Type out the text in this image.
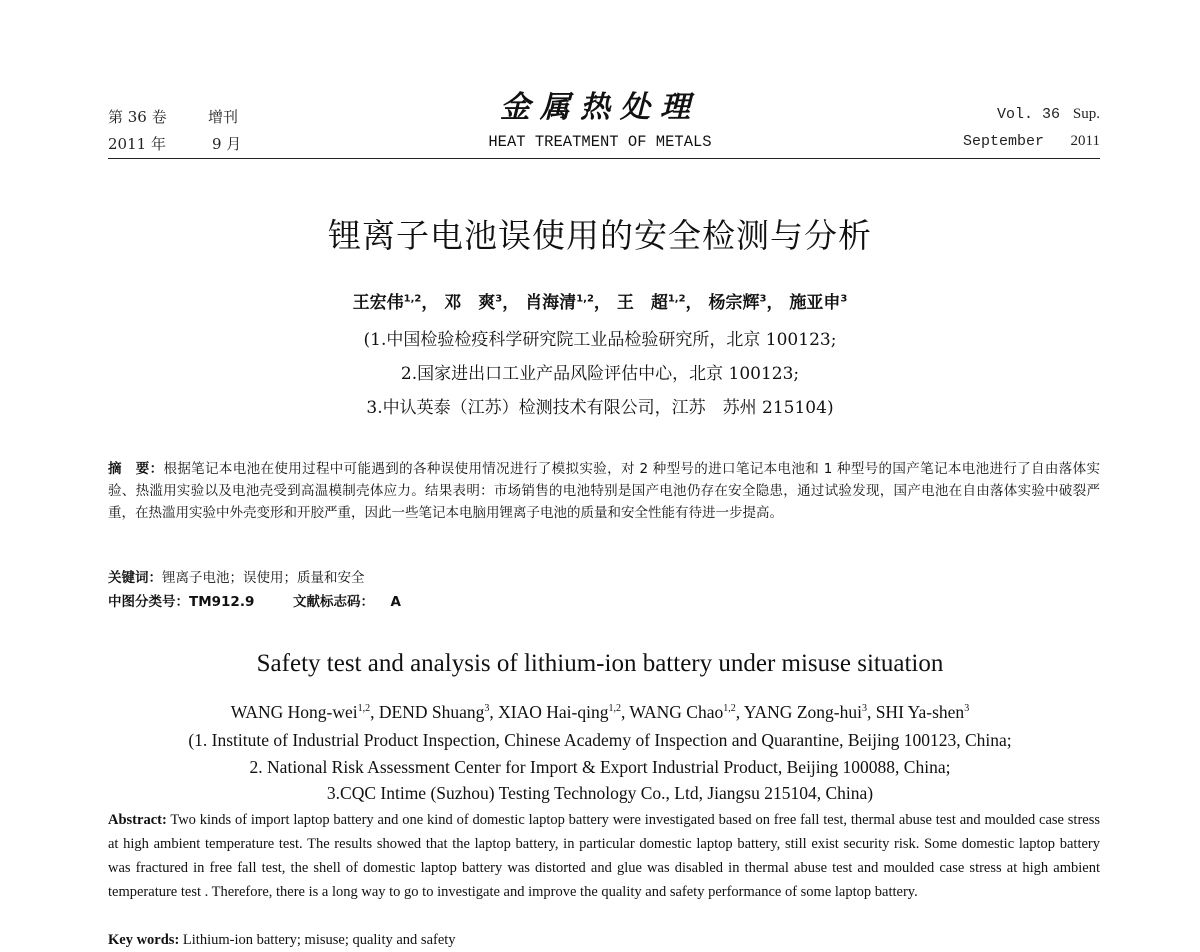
第 36 卷	增刊
2011 年	9 月
金属热处理
HEAT TREATMENT OF METALS
Vol. 36 Sup.
September 2011
锂离子电池误使用的安全检测与分析
王宏伟$^{1,2}$， 邓　爽$^3$， 肖海清$^{1,2}$， 王　超$^{1,2}$， 杨宗辉$^3$， 施亚申$^3$
(1.中国检验检疫科学研究院工业品检验研究所，北京 100123;
2.国家进出口工业产品风险评估中心，北京 100123;
3.中认英泰（江苏）检测技术有限公司，江苏　苏州 215104)
摘　要：根据笔记本电池在使用过程中可能遇到的各种误使用情况进行了模拟实验，对 2 种型号的进口笔记本电池和 1 种型号的国产笔记本电池进行了自由落体实验、热滥用实验以及电池壳受到高温模制壳体应力。结果表明：市场销售的电池特别是国产电池仍存在安全隐患，通过试验发现，国产电池在自由落体实验中破裂严重，在热滥用实验中外壳变形和开胶严重，因此一些笔记本电脑用锂离子电池的质量和安全性能有待进一步提高。
关键词：锂离子电池；误使用；质量和安全
中图分类号：TM912.9	文献标志码： A
Safety test and analysis of lithium-ion battery under misuse situation
WANG Hong-wei$^{1,2}$, DEND Shuang$^3$, XIAO Hai-qing$^{1,2}$, WANG Chao$^{1,2}$, YANG Zong-hui$^3$, SHI Ya-shen$^3$
(1. Institute of Industrial Product Inspection, Chinese Academy of Inspection and Quarantine, Beijing 100123, China;
2. National Risk Assessment Center for Import & Export Industrial Product, Beijing 100088, China;
3.CQC Intime (Suzhou) Testing Technology Co., Ltd, Jiangsu 215104, China)
Abstract: Two kinds of import laptop battery and one kind of domestic laptop battery were investigated based on free fall test, thermal abuse test and moulded case stress at high ambient temperature test. The results showed that the laptop battery, in particular domestic laptop battery, still exist security risk. Some domestic laptop battery was fractured in free fall test, the shell of domestic laptop battery was distorted and glue was disabled in thermal abuse test and moulded case stress at high ambient temperature test . Therefore, there is a long way to go to investigate and improve the quality and safety performance of some laptop battery.
Key words: Lithium-ion battery; misuse; quality and safety
